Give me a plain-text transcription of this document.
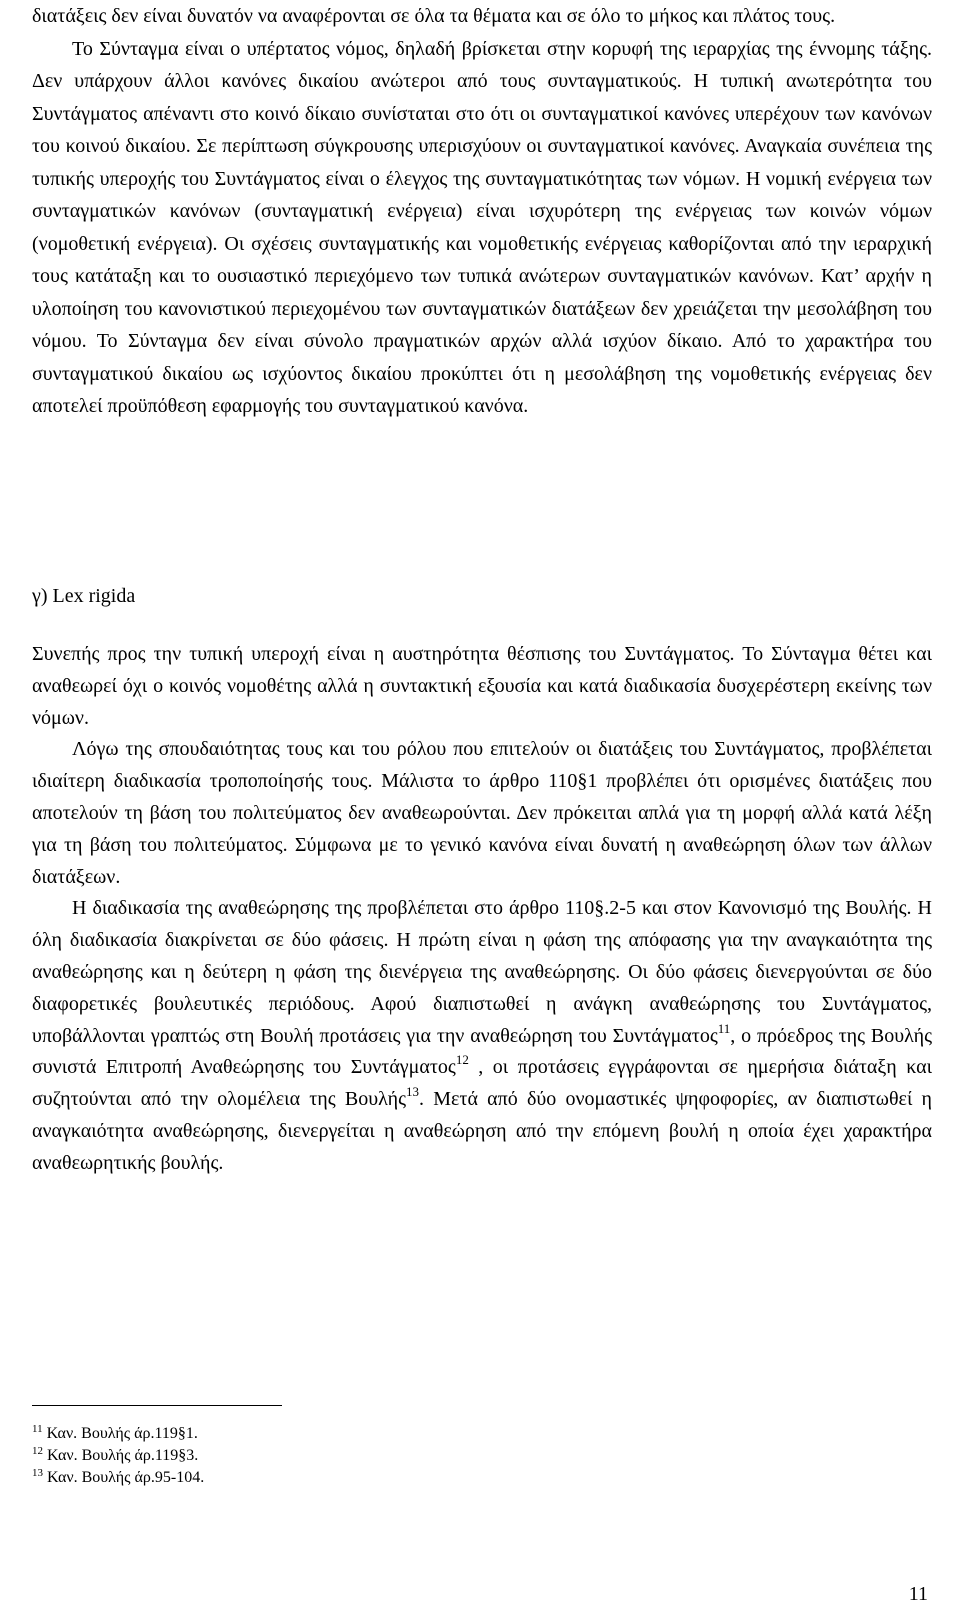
διατάξεις δεν είναι δυνατόν να αναφέρονται σε όλα τα θέματα και σε όλο το μήκος και πλάτος τους.

Το Σύνταγμα είναι ο υπέρτατος νόμος, δηλαδή βρίσκεται στην κορυφή της ιεραρχίας της έννομης τάξης. Δεν υπάρχουν άλλοι κανόνες δικαίου ανώτεροι από τους συνταγματικούς. Η τυπική ανωτερότητα του Συντάγματος απέναντι στο κοινό δίκαιο συνίσταται στο ότι οι συνταγματικοί κανόνες υπερέχουν των κανόνων του κοινού δικαίου. Σε περίπτωση σύγκρουσης υπερισχύουν οι συνταγματικοί κανόνες. Αναγκαία συνέπεια της τυπικής υπεροχής του Συντάγματος είναι ο έλεγχος της συνταγματικότητας των νόμων. Η νομική ενέργεια των συνταγματικών κανόνων (συνταγματική ενέργεια) είναι ισχυρότερη της ενέργειας των κοινών νόμων (νομοθετική ενέργεια). Οι σχέσεις συνταγματικής και νομοθετικής ενέργειας καθορίζονται από την ιεραρχική τους κατάταξη και το ουσιαστικό περιεχόμενο των τυπικά ανώτερων συνταγματικών κανόνων. Κατ’ αρχήν η υλοποίηση του κανονιστικού περιεχομένου των συνταγματικών διατάξεων δεν χρειάζεται την μεσολάβηση του νόμου. Το Σύνταγμα δεν είναι σύνολο πραγματικών αρχών αλλά ισχύον δίκαιο. Από το χαρακτήρα του συνταγματικού δικαίου ως ισχύοντος δικαίου προκύπτει ότι η μεσολάβηση της νομοθετικής ενέργειας δεν αποτελεί προϋπόθεση εφαρμογής του συνταγματικού κανόνα.

γ) Lex rigida

Συνεπής προς την τυπική υπεροχή είναι η αυστηρότητα θέσπισης του Συντάγματος. Το Σύνταγμα θέτει και αναθεωρεί όχι ο κοινός νομοθέτης αλλά η συντακτική εξουσία και κατά διαδικασία δυσχερέστερη εκείνης των νόμων.

Λόγω της σπουδαιότητας τους και του ρόλου που επιτελούν οι διατάξεις του Συντάγματος, προβλέπεται ιδιαίτερη διαδικασία τροποποίησής τους. Μάλιστα το άρθρο 110§1 προβλέπει ότι ορισμένες διατάξεις που αποτελούν τη βάση του πολιτεύματος δεν αναθεωρούνται. Δεν πρόκειται απλά για τη μορφή αλλά κατά λέξη για τη βάση του πολιτεύματος. Σύμφωνα με το γενικό κανόνα είναι δυνατή η αναθεώρηση όλων των άλλων διατάξεων.

Η διαδικασία της αναθεώρησης της προβλέπεται στο άρθρο 110§.2-5 και στον Κανονισμό της Βουλής. Η όλη διαδικασία διακρίνεται σε δύο φάσεις. Η πρώτη είναι η φάση της απόφασης για την αναγκαιότητα της αναθεώρησης και η δεύτερη η φάση της διενέργεια της αναθεώρησης. Οι δύο φάσεις διενεργούνται σε δύο διαφορετικές βουλευτικές περιόδους. Αφού διαπιστωθεί η ανάγκη αναθεώρησης του Συντάγματος, υποβάλλονται γραπτώς στη Βουλή προτάσεις για την αναθεώρηση του Συντάγματος$^{11}$, ο πρόεδρος της Βουλής συνιστά Επιτροπή Αναθεώρησης του Συντάγματος$^{12}$ , οι προτάσεις εγγράφονται σε ημερήσια διάταξη και συζητούνται από την ολομέλεια της Βουλής$^{13}$. Μετά από δύο ονομαστικές ψηφοφορίες, αν διαπιστωθεί η αναγκαιότητα αναθεώρησης, διενεργείται η αναθεώρηση από την επόμενη βουλή η οποία έχει χαρακτήρα αναθεωρητικής βουλής.

$^{11}$ Καν. Βουλής άρ.119§1.

$^{12}$ Καν. Βουλής άρ.119§3.

$^{13}$ Καν. Βουλής άρ.95-104.

11
